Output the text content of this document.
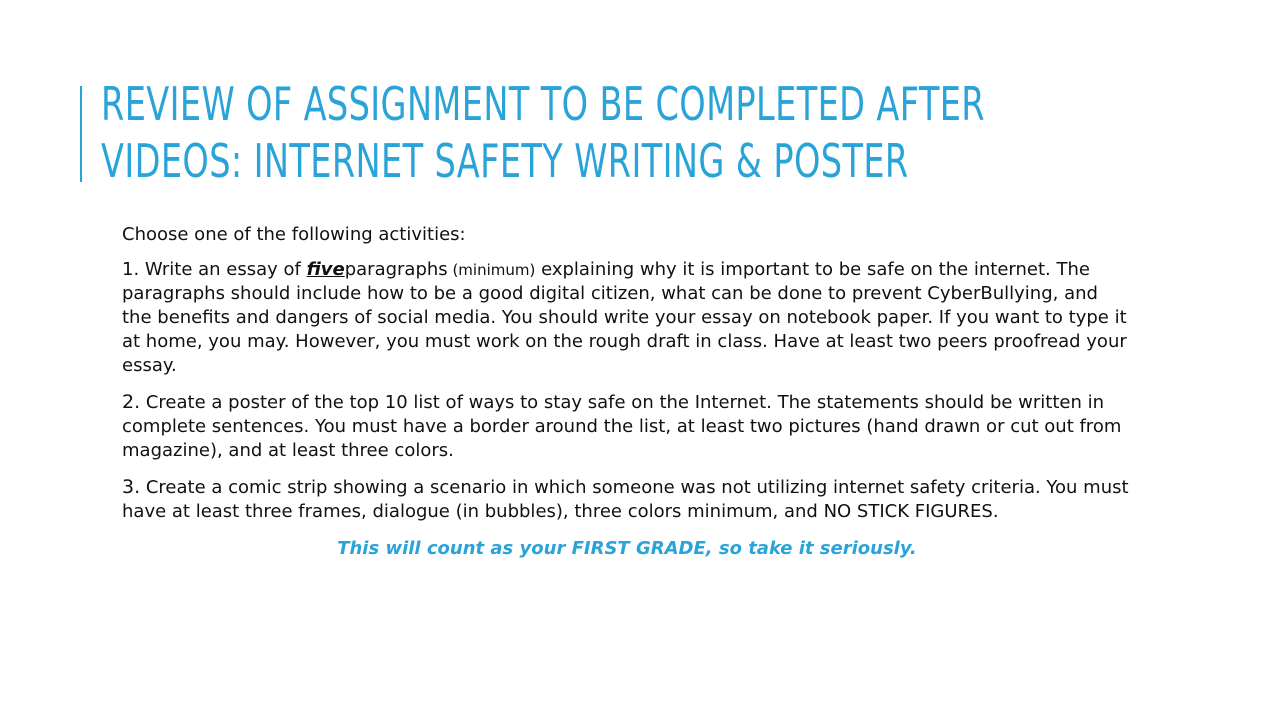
REVIEW OF ASSIGNMENT TO BE COMPLETED AFTER
VIDEOS: INTERNET SAFETY WRITING & POSTER

Choose one of the following activities:

1. Write an essay of fiveparagraphs (minimum) explaining why it is important to be safe on the internet. The paragraphs should include how to be a good digital citizen, what can be done to prevent CyberBullying, and the benefits and dangers of social media. You should write your essay on notebook paper. If you want to type it at home, you may. However, you must work on the rough draft in class. Have at least two peers proofread your essay.

2. Create a poster of the top 10 list of ways to stay safe on the Internet. The statements should be written in complete sentences. You must have a border around the list, at least two pictures (hand drawn or cut out from magazine), and at least three colors.

3. Create a comic strip showing a scenario in which someone was not utilizing internet safety criteria. You must have at least three frames, dialogue (in bubbles), three colors minimum, and NO STICK FIGURES.

This will count as your FIRST GRADE, so take it seriously.
